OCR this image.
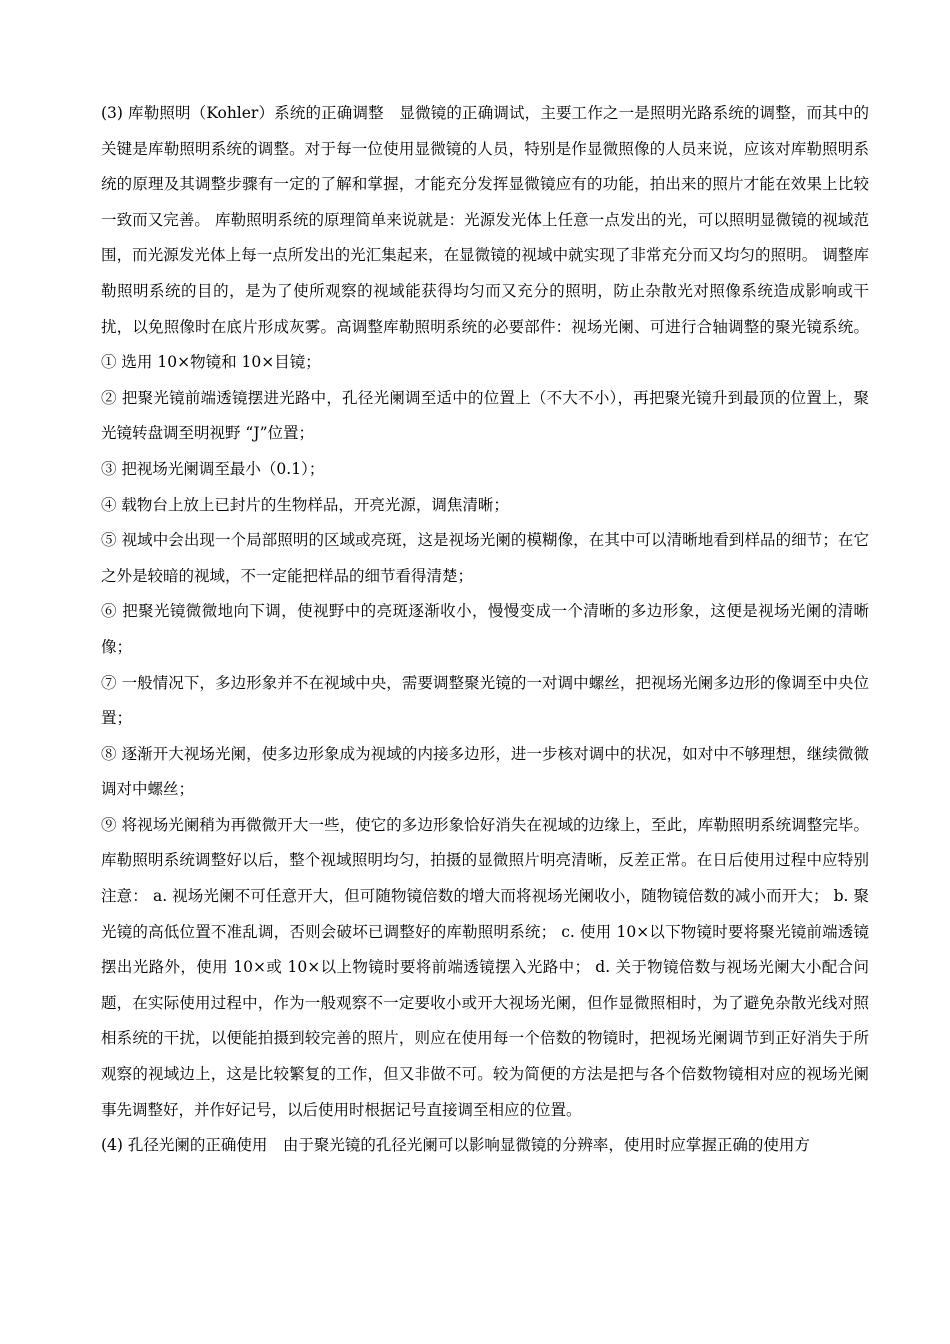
(3) 库勒照明（Kohler）系统的正确调整　显微镜的正确调试，主要工作之一是照明光路系统的调整，而其中的关键是库勒照明系统的调整。对于每一位使用显微镜的人员，特别是作显微照像的人员来说，应该对库勒照明系统的原理及其调整步骤有一定的了解和掌握，才能充分发挥显微镜应有的功能，拍出来的照片才能在效果上比较一致而又完善。 库勒照明系统的原理简单来说就是：光源发光体上任意一点发出的光，可以照明显微镜的视域范围，而光源发光体上每一点所发出的光汇集起来，在显微镜的视域中就实现了非常充分而又均匀的照明。 调整库勒照明系统的目的，是为了使所观察的视域能获得均匀而又充分的照明，防止杂散光对照像系统造成影响或干扰，以免照像时在底片形成灰雾。高调整库勒照明系统的必要部件：视场光阑、可进行合轴调整的聚光镜系统。 ① 选用 10×物镜和 10×目镜；

② 把聚光镜前端透镜摆进光路中，孔径光阑调至适中的位置上（不大不小），再把聚光镜升到最顶的位置上，聚光镜转盘调至明视野 “J”位置；

③ 把视场光阑调至最小（0.1）；

④ 载物台上放上已封片的生物样品，开亮光源，调焦清晰；

⑤ 视域中会出现一个局部照明的区域或亮斑，这是视场光阑的模糊像，在其中可以清晰地看到样品的细节；在它之外是较暗的视域，不一定能把样品的细节看得清楚；

⑥ 把聚光镜微微地向下调，使视野中的亮斑逐渐收小，慢慢变成一个清晰的多边形象，这便是视场光阑的清晰像；

⑦ 一般情况下，多边形象并不在视域中央，需要调整聚光镜的一对调中螺丝，把视场光阑多边形的像调至中央位置；

⑧ 逐渐开大视场光阑，使多边形象成为视域的内接多边形，进一步核对调中的状况，如对中不够理想，继续微微调对中螺丝；

⑨ 将视场光阑稍为再微微开大一些，使它的多边形象恰好消失在视域的边缘上，至此，库勒照明系统调整完毕。 库勒照明系统调整好以后，整个视域照明均匀，拍摄的显微照片明亮清晰，反差正常。在日后使用过程中应特别注意： a. 视场光阑不可任意开大，但可随物镜倍数的增大而将视场光阑收小，随物镜倍数的减小而开大； b. 聚光镜的高低位置不准乱调，否则会破坏已调整好的库勒照明系统； c. 使用 10×以下物镜时要将聚光镜前端透镜摆出光路外，使用 10×或 10×以上物镜时要将前端透镜摆入光路中； d. 关于物镜倍数与视场光阑大小配合问题，在实际使用过程中，作为一般观察不一定要收小或开大视场光阑，但作显微照相时，为了避免杂散光线对照相系统的干扰，以便能拍摄到较完善的照片，则应在使用每一个倍数的物镜时，把视场光阑调节到正好消失于所观察的视域边上，这是比较繁复的工作，但又非做不可。较为简便的方法是把与各个倍数物镜相对应的视场光阑事先调整好，并作好记号，以后使用时根据记号直接调至相应的位置。

(4) 孔径光阑的正确使用　由于聚光镜的孔径光阑可以影响显微镜的分辨率，使用时应掌握正确的使用方
